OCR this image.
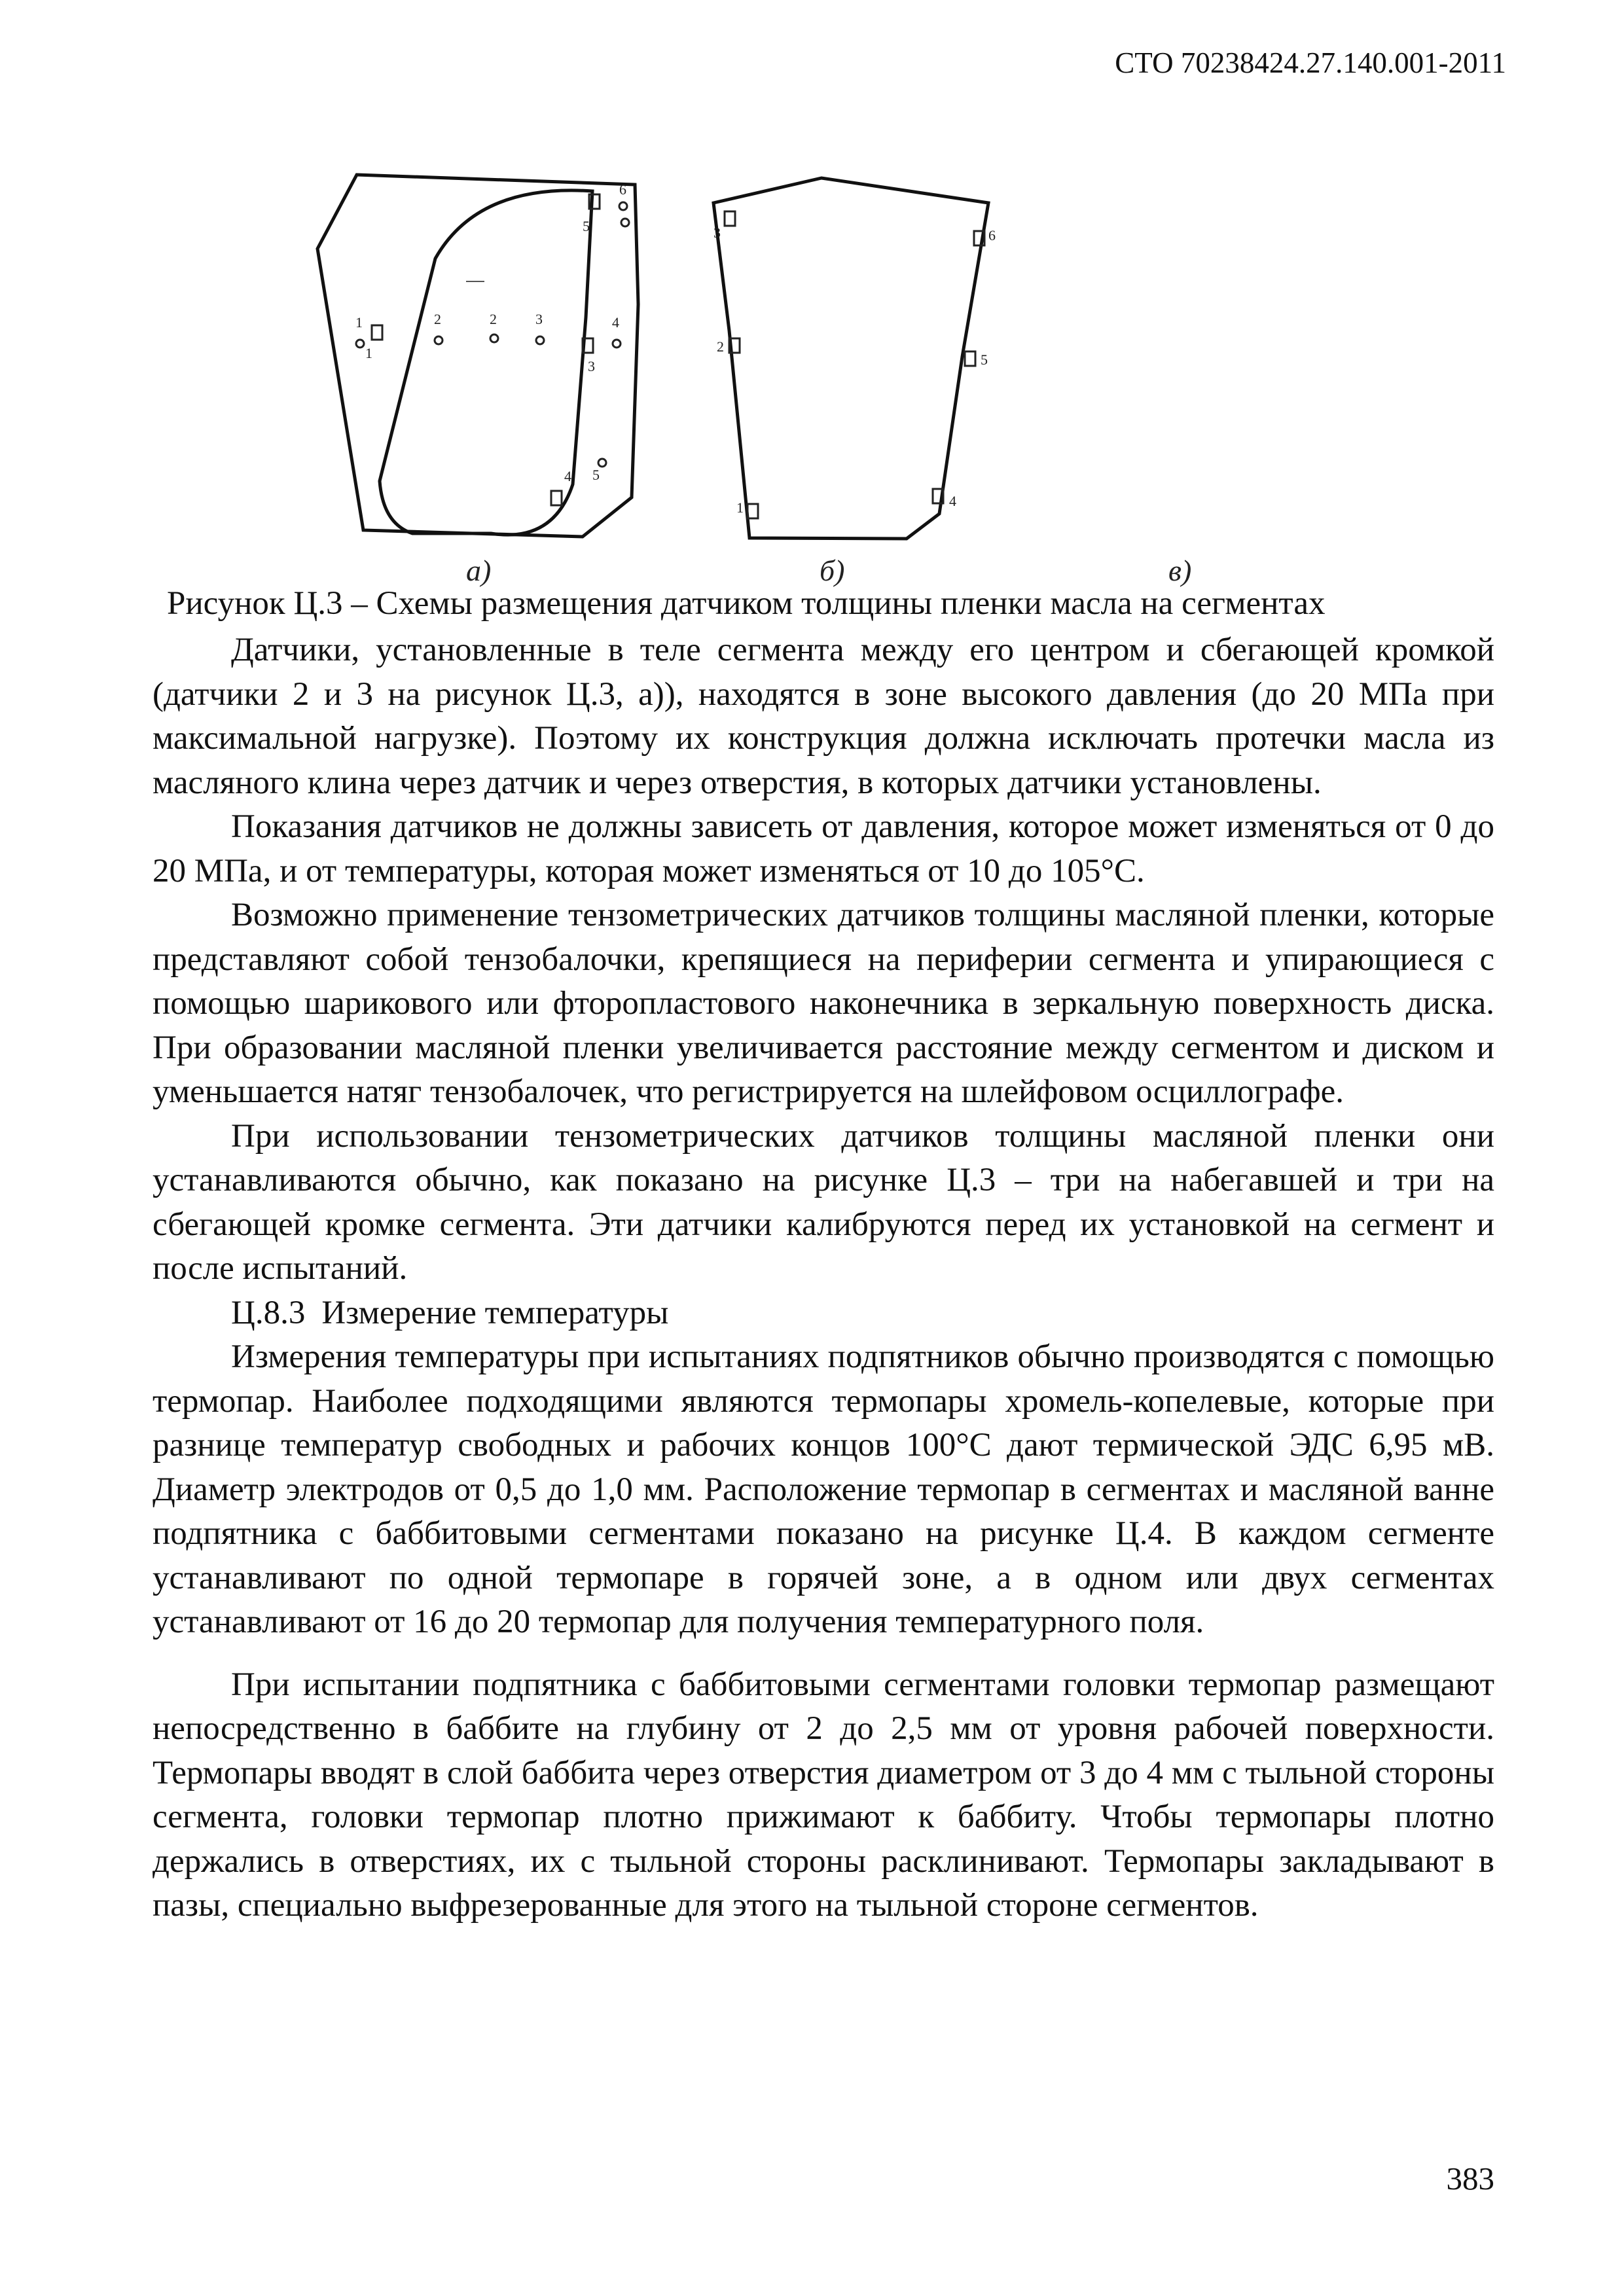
СТО 70238424.27.140.001-2011
1	2	3	4
5
6
1
2
3
4
5
1
2
3
4
5
6
а)	б)	в)
Рисунок Ц.3 – Схемы размещения датчиком толщины пленки масла на сегментах

Датчики, установленные в теле сегмента между его центром и сбегающей кромкой (датчики 2 и 3 на рисунок Ц.3, а)), находятся в зоне высокого давления (до 20 МПа при максимальной нагрузке). Поэтому их конструкция должна исключать протечки масла из масляного клина через датчик и через отверстия, в которых датчики установлены.

Показания датчиков не должны зависеть от давления, которое может изменяться от 0 до 20 МПа, и от температуры, которая может изменяться от 10 до 105°С.

Возможно применение тензометрических датчиков толщины масляной пленки, которые представляют собой тензобалочки, крепящиеся на периферии сегмента и упирающиеся с помощью шарикового или фторопластового наконечника в зеркальную поверхность диска. При образовании масляной пленки увеличивается расстояние между сегментом и диском и уменьшается натяг тензобалочек, что регистрируется на шлейфовом осциллографе.

При использовании тензометрических датчиков толщины масляной пленки они устанавливаются обычно, как показано на рисунке Ц.3 – три на набегавшей и три на сбегающей кромке сегмента. Эти датчики калибруются перед их установкой на сегмент и после испытаний.

Ц.8.3 Измерение температуры

Измерения температуры при испытаниях подпятников обычно производятся с помощью термопар. Наиболее подходящими являются термопары хромель-копелевые, которые при разнице температур свободных и рабочих концов 100°С дают термической ЭДС 6,95 мВ. Диаметр электродов от 0,5 до 1,0 мм. Расположение термопар в сегментах и масляной ванне подпятника с баббитовыми сегментами показано на рисунке Ц.4. В каждом сегменте устанавливают по одной термопаре в горячей зоне, а в одном или двух сегментах устанавливают от 16 до 20 термопар для получения температурного поля.

При испытании подпятника с баббитовыми сегментами головки термопар размещают непосредственно в баббите на глубину от 2 до 2,5 мм от уровня рабочей поверхности. Термопары вводят в слой баббита через отверстия диаметром от 3 до 4 мм с тыльной стороны сегмента, головки термопар плотно прижимают к баббиту. Чтобы термопары плотно держались в отверстиях, их с тыльной стороны расклинивают. Термопары закладывают в пазы, специально выфрезерованные для этого на тыльной стороне сегментов.

383
